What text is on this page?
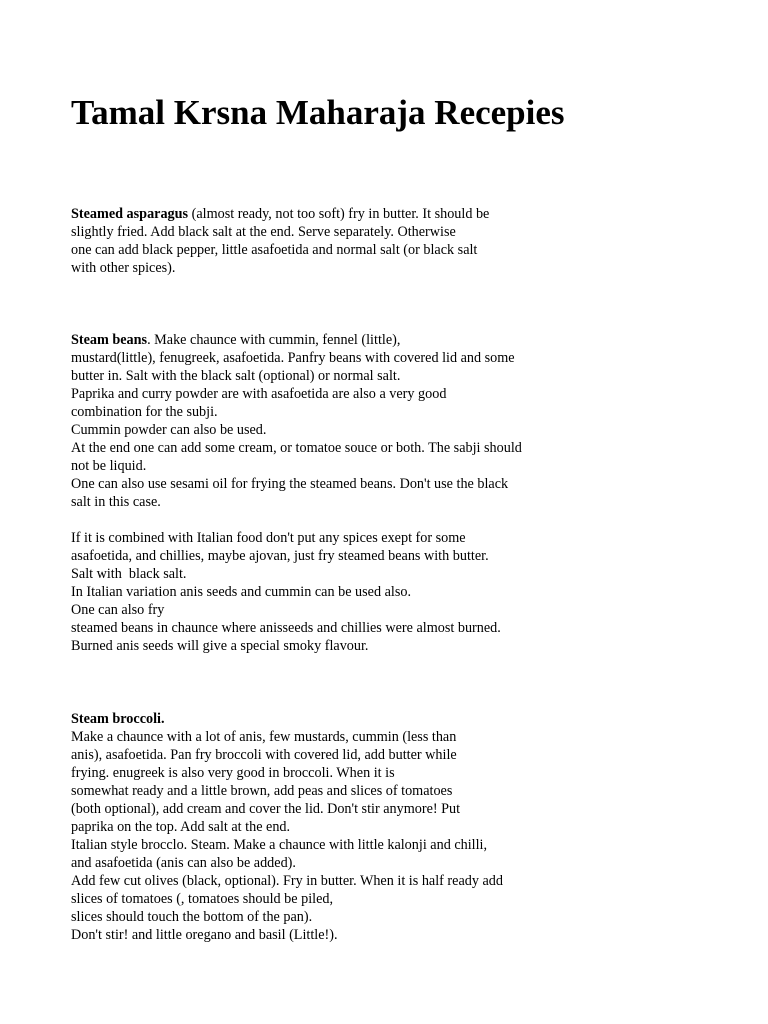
Tamal Krsna Maharaja Recepies
Steamed asparagus (almost ready, not too soft) fry in butter. It should be
slightly fried. Add black salt at the end. Serve separately. Otherwise
one can add black pepper, little asafoetida and normal salt (or black salt
with other spices).
Steam beans. Make chaunce with cummin, fennel (little),
mustard(little), fenugreek, asafoetida. Panfry beans with covered lid and some
butter in. Salt with the black salt (optional) or normal salt.
Paprika and curry powder are with asafoetida are also a very good
combination for the subji.
Cummin powder can also be used.
At the end one can add some cream, or tomatoe souce or both. The sabji should
not be liquid.
One can also use sesami oil for frying the steamed beans. Don't use the black
salt in this case.
If it is combined with Italian food don't put any spices exept for some
asafoetida, and chillies, maybe ajovan, just fry steamed beans with butter.
Salt with  black salt.
In Italian variation anis seeds and cummin can be used also.
One can also fry
steamed beans in chaunce where anisseeds and chillies were almost burned.
Burned anis seeds will give a special smoky flavour.
Steam broccoli.
Make a chaunce with a lot of anis, few mustards, cummin (less than
anis), asafoetida. Pan fry broccoli with covered lid, add butter while
frying. enugreek is also very good in broccoli. When it is
somewhat ready and a little brown, add peas and slices of tomatoes
(both optional), add cream and cover the lid. Don't stir anymore! Put
paprika on the top. Add salt at the end.
Italian style brocclo. Steam. Make a chaunce with little kalonji and chilli,
and asafoetida (anis can also be added).
Add few cut olives (black, optional). Fry in butter. When it is half ready add
slices of tomatoes (, tomatoes should be piled,
slices should touch the bottom of the pan).
Don't stir! and little oregano and basil (Little!).
